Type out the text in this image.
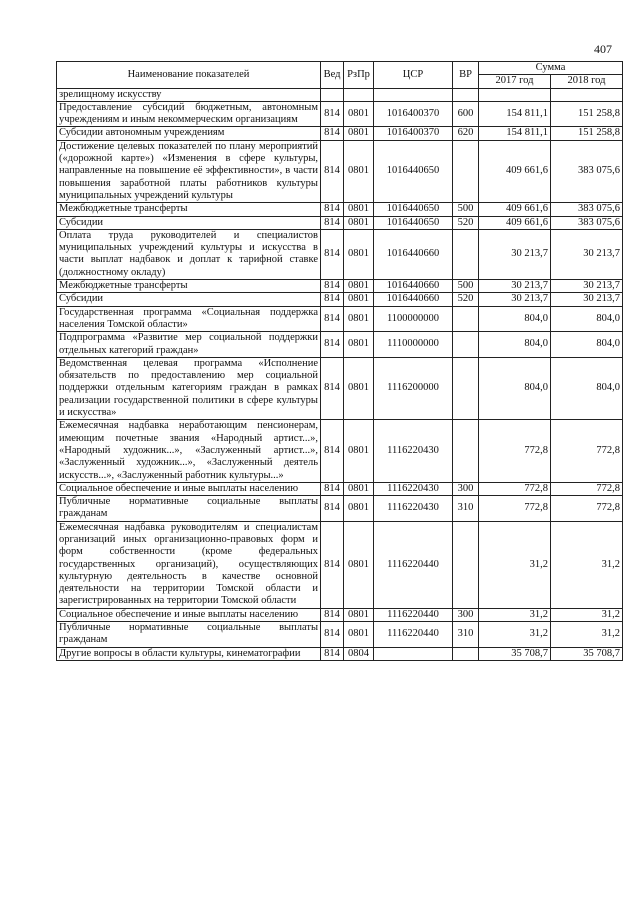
407
Наименование показателей	Вед	РзПр	ЦСР	ВР	Сумма	
					2017 год	2018 год
зрелищному искусству						
Предоставление субсидий бюджетным, автономным учреждениям и иным некоммерческим организациям	814	0801	1016400370	600	154 811,1	151 258,8
Субсидии автономным учреждениям	814	0801	1016400370	620	154 811,1	151 258,8
Достижение целевых показателей по плану мероприятий («дорожной карте») «Изменения в сфере культуры, направленные на повышение её эффективности», в части повышения заработной платы работников культуры муниципальных учреждений культуры	814	0801	1016440650		409 661,6	383 075,6
Межбюджетные трансферты	814	0801	1016440650	500	409 661,6	383 075,6
Субсидии	814	0801	1016440650	520	409 661,6	383 075,6
Оплата труда руководителей и специалистов муниципальных учреждений культуры и искусства в части выплат надбавок и доплат к тарифной ставке (должностному окладу)	814	0801	1016440660		30 213,7	30 213,7
Межбюджетные трансферты	814	0801	1016440660	500	30 213,7	30 213,7
Субсидии	814	0801	1016440660	520	30 213,7	30 213,7
Государственная программа «Социальная поддержка населения Томской области»	814	0801	1100000000		804,0	804,0
Подпрограмма «Развитие мер социальной поддержки отдельных категорий граждан»	814	0801	1110000000		804,0	804,0
Ведомственная целевая программа «Исполнение обязательств по предоставлению мер социальной поддержки отдельным категориям граждан в рамках реализации государственной политики в сфере культуры и искусства»	814	0801	1116200000		804,0	804,0
Ежемесячная надбавка неработающим пенсионерам, имеющим почетные звания «Народный артист...», «Народный художник...», «Заслуженный артист...», «Заслуженный художник...», «Заслуженный деятель искусств...», «Заслуженный работник культуры...»	814	0801	1116220430		772,8	772,8
Социальное обеспечение и иные выплаты населению	814	0801	1116220430	300	772,8	772,8
Публичные нормативные социальные выплаты гражданам	814	0801	1116220430	310	772,8	772,8
Ежемесячная надбавка руководителям и специалистам организаций иных организационно-правовых форм и форм собственности (кроме федеральных государственных организаций), осуществляющих культурную деятельность в качестве основной деятельности на территории Томской области и зарегистрированных на территории Томской области	814	0801	1116220440		31,2	31,2
Социальное обеспечение и иные выплаты населению	814	0801	1116220440	300	31,2	31,2
Публичные нормативные социальные выплаты гражданам	814	0801	1116220440	310	31,2	31,2
Другие вопросы в области культуры, кинематографии	814	0804			35 708,7	35 708,7
